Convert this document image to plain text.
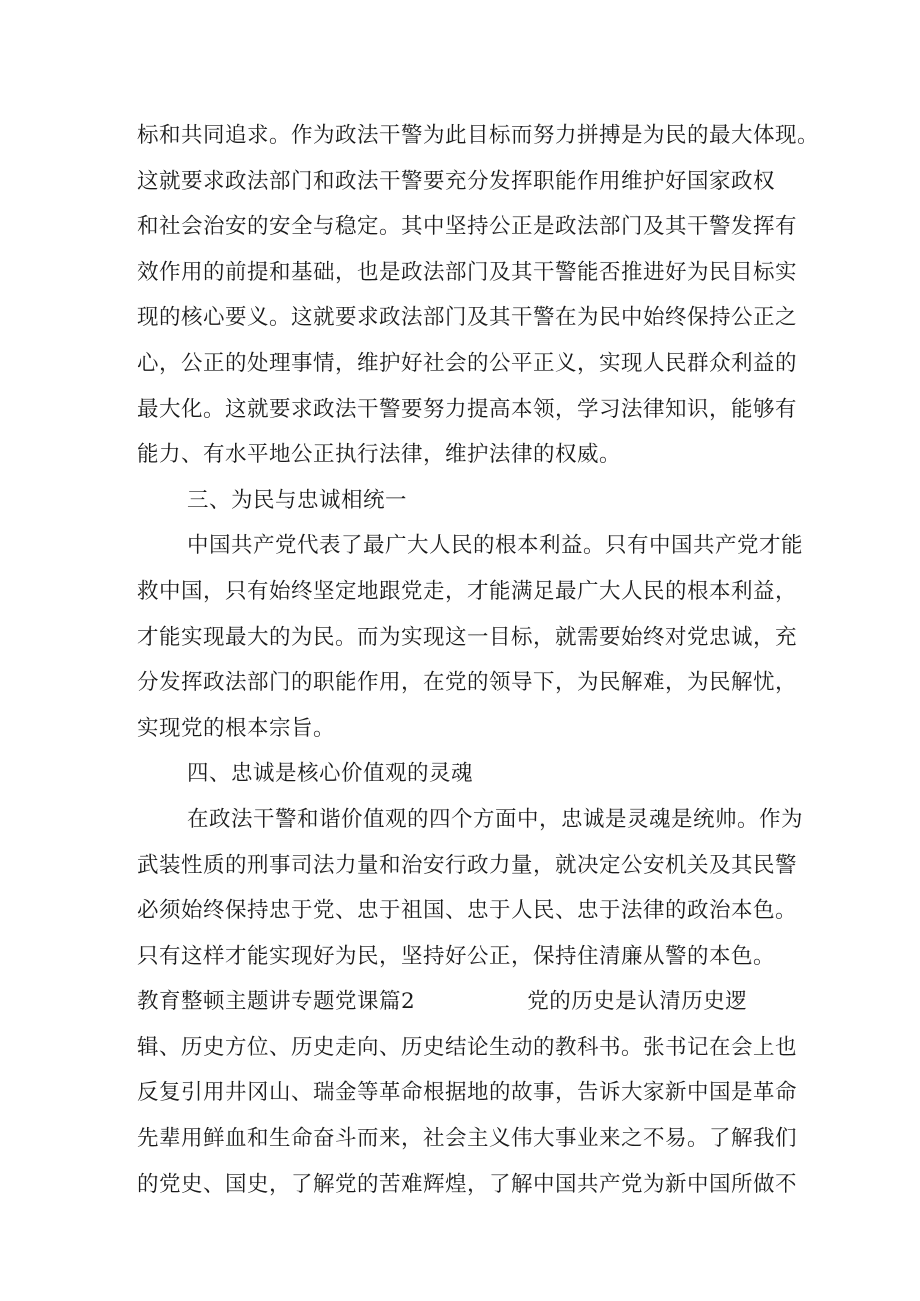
标和共同追求。作为政法干警为此目标而努力拼搏是为民的最大体现。
这就要求政法部门和政法干警要充分发挥职能作用维护好国家政权
和社会治安的安全与稳定。其中坚持公正是政法部门及其干警发挥有
效作用的前提和基础，也是政法部门及其干警能否推进好为民目标实
现的核心要义。这就要求政法部门及其干警在为民中始终保持公正之
心，公正的处理事情，维护好社会的公平正义，实现人民群众利益的
最大化。这就要求政法干警要努力提高本领，学习法律知识，能够有
能力、有水平地公正执行法律，维护法律的权威。
三、为民与忠诚相统一
中国共产党代表了最广大人民的根本利益。只有中国共产党才能
救中国，只有始终坚定地跟党走，才能满足最广大人民的根本利益，
才能实现最大的为民。而为实现这一目标，就需要始终对党忠诚，充
分发挥政法部门的职能作用，在党的领导下，为民解难，为民解忧，
实现党的根本宗旨。
四、忠诚是核心价值观的灵魂
在政法干警和谐价值观的四个方面中，忠诚是灵魂是统帅。作为
武装性质的刑事司法力量和治安行政力量，就决定公安机关及其民警
必须始终保持忠于党、忠于祖国、忠于人民、忠于法律的政治本色。
只有这样才能实现好为民，坚持好公正，保持住清廉从警的本色。
教育整顿主题讲专题党课篇2	党的历史是认清历史逻
辑、历史方位、历史走向、历史结论生动的教科书。张书记在会上也
反复引用井冈山、瑞金等革命根据地的故事，告诉大家新中国是革命
先辈用鲜血和生命奋斗而来，社会主义伟大事业来之不易。了解我们
的党史、国史，了解党的苦难辉煌，了解中国共产党为新中国所做不
